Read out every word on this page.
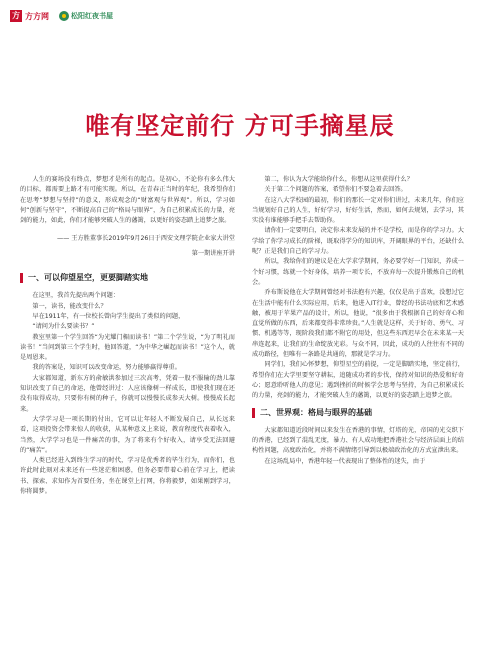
方 方方网	松阳红夜书屋
唯有坚定前行 方可手摘星辰

人生的赛场没有终点，梦想才是所有的起点。是初心，不论你有多么伟大的目标，都需要上路才有可能实现。所以，在青春正当时的年纪，我希望你们在思考“梦想与坚持”的意义，形成观念的“财富观与世界观”。所以，学习如何“创新与坚守”，不断提高自己的“格局与眼界”，为自己积累成长的力量，亮剑的能力，如此，你们才能够突破人生的藩篱，以更好的姿态踏上追梦之旅。

—— 王方胜董事长2019年9月26日于西安文理学院企业家大讲堂

第一期讲座开讲

一、可以仰望星空，更要脚踏实地

在这里，我首先提出两个问题：

第一，读书，能改变什么？

早在1911年，有一位校长曾向学生提出了类似的问题，

“请问为什么要读书？”

教室里第一个学生回答“为光耀门楣而读书！”第二个学生说，“为了明礼而读书！”当问到第三个学生时，他回答道，“为中华之崛起而读书！”这个人，就是周恩来。

我的答案是，知识可以改变命运，努力能够赢得尊重。

大家都知道，新东方的俞敏洪参加过三次高考，凭着一股不服输的劲儿靠知识改变了自己的命运，他曾经讲过：人应该像树一样成长，即使我们现在还没有取得成功，只要你有树的种子，你就可以慢慢长成参天大树。慢慢成长起来。

大学学习是一项长期的付出，它可以让年轻人不断发展自己，从长远来看，这项投资会带来惊人的收获，从某种意义上来说，教育程度代表着收入，当然，大学学习也是一件痛苦的事，为了将来有个好收入，请享受无法回避的“痛苦”。

人类已经进入到终生学习的时代，学习是优秀者的毕生行为，而你们，也许此时此刻对未来还有一些迷茫和困惑，但务必要带着心前在学习上，把读书、探索、求知作为首要任务，坐在课堂上打网，你将毅梦，如果刚到学习，你将圆梦。

第二，你认为大学能给你什么，你想从这里获得什么？

关于第二个问题的答案，希望你们不要急着去回答。

在这八大学校园的最初，你们的那长一定对你们讲过，未来几年，你们应当规划好自己的人生，好好学习，好好生活，然而，如何去规划，去学习，其实没有谁能够手把手去帮助你。

请你们一定要明白，决定你未来发展的并不是学校，而是你的学习力。大学给了你学习成长的阶梯，既取得学分的知识库，开阔眼界的平台，还缺什么呢？正是我们自己的学习力。

所以，我给你们的建议是在大学求学期间，务必要学好一门知识，养成一个好习惯，练就一个好身体，培养一项专长，不放弃每一次提升锻炼自己的机会。

乔布斯说他在大学期间曾经对书法抱有兴趣，仅仅是出于喜欢，没想过它在生活中能有什么实际应用，后来，他进入IT行业，曾经的书法功底和艺术感触，被用于苹果产品的设计，所以，他说，“很多由于我根据自己的好奇心和直觉所做的东西，后来都变得非常珍贵。”人生就是这样，关于好奇、勇气、习惯、机遇等等，现阶段我们都不附它的用处，但这些东西迟早会在未来某一天串连起来，让我们的生命绽放光彩。与众不同，因此，成功的人往往有不同的成功路径，但唯有一条路是共通的，那就是学习力。

同学们，我们心怀梦想，仰望星空的前提，一定是脚踏实地，坚定前行，希望你们在大学里要坚守耕耘，追随成功者的步伐，保持对知识的热爱和好奇心；愿意聆听他人的意见；遇到挫折的时候学会思考与坚持，为自己积累成长的力量，亮剑的能力，才能突破人生的藩篱，以更好的姿态踏上追梦之旅。

二、世界观：格局与眼界的基础

大家都知道近段时间以来发生在香港的事情，灯塔的光，帝国的光交织下的香港，已经到了混乱无度，暴力、有人成功地把香港社会与经济层面上的结构性问题，高度政治化，并将不满情绪引导到以极端政治化的方式宣泄出来。

在这场乱局中，香港年轻一代表现出了整体性的迷失，由于
